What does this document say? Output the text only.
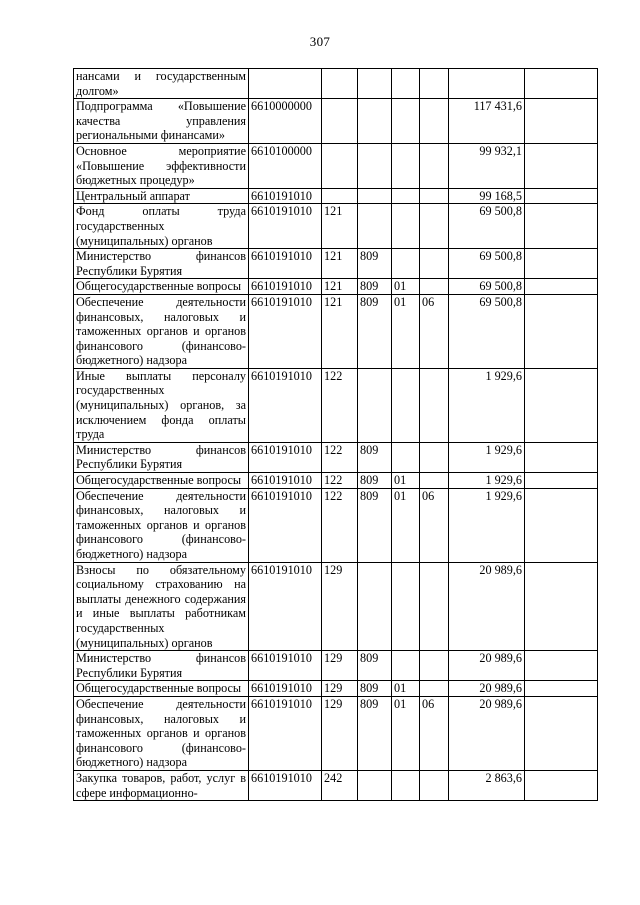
307
нансами и государственным долгом»							
Подпрограмма «Повышение качества управления региональными финансами»	6610000000					117 431,6	
Основное мероприятие «Повышение эффективности бюджетных процедур»	6610100000					99 932,1	
Центральный аппарат	6610191010					99 168,5	
Фонд оплаты труда государственных (муниципальных) органов	6610191010	121				69 500,8	
Министерство финансов Республики Бурятия	6610191010	121	809			69 500,8	
Общегосударственные вопросы	6610191010	121	809	01		69 500,8	
Обеспечение деятельности финансовых, налоговых и таможенных органов и органов финансового (финансово-бюджетного) надзора	6610191010	121	809	01	06	69 500,8	
Иные выплаты персоналу государственных (муниципальных) органов, за исключением фонда оплаты труда	6610191010	122				1 929,6	
Министерство финансов Республики Бурятия	6610191010	122	809			1 929,6	
Общегосударственные вопросы	6610191010	122	809	01		1 929,6	
Обеспечение деятельности финансовых, налоговых и таможенных органов и органов финансового (финансово-бюджетного) надзора	6610191010	122	809	01	06	1 929,6	
Взносы по обязательному социальному страхованию на выплаты денежного содержания и иные выплаты работникам государственных (муниципальных) органов	6610191010	129				20 989,6	
Министерство финансов Республики Бурятия	6610191010	129	809			20 989,6	
Общегосударственные вопросы	6610191010	129	809	01		20 989,6	
Обеспечение деятельности финансовых, налоговых и таможенных органов и органов финансового (финансово-бюджетного) надзора	6610191010	129	809	01	06	20 989,6	
Закупка товаров, работ, услуг в сфере информационно-	6610191010	242				2 863,6	
